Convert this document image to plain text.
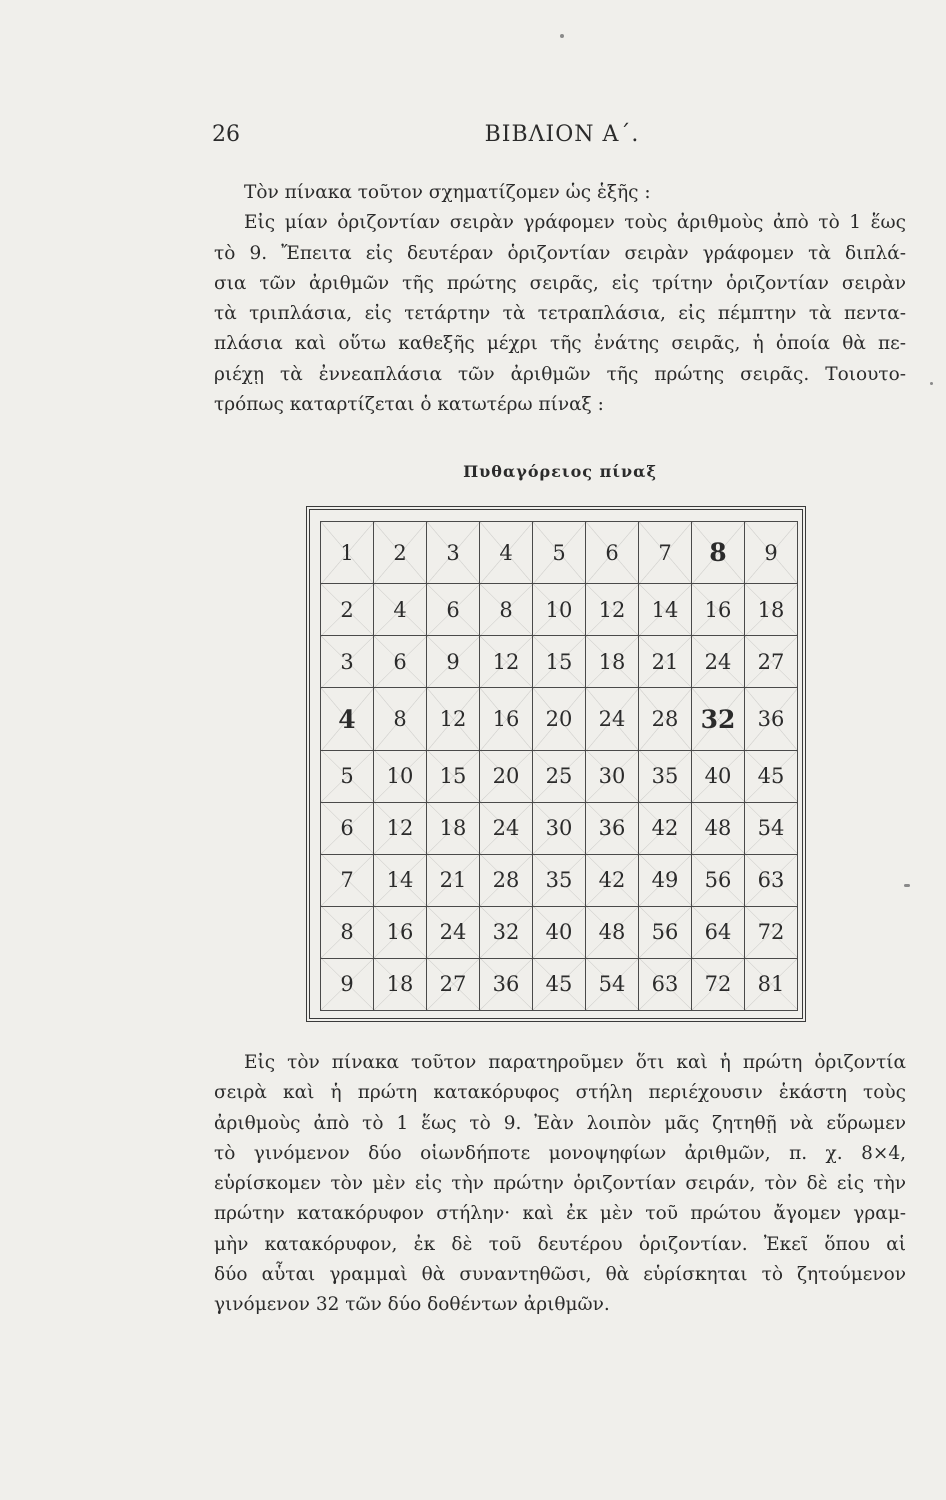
26	ΒΙΒΛΙΟΝ Α΄.

Τὸν πίνακα τοῦτον σχηματίζομεν ὡς ἑξῆς :
Εἰς μίαν ὁριζοντίαν σειρὰν γράφομεν τοὺς ἀριθμοὺς ἀπὸ τὸ 1 ἕως
τὸ 9. Ἔπειτα εἰς δευτέραν ὁριζοντίαν σειρὰν γράφομεν τὰ διπλά-
σια τῶν ἀριθμῶν τῆς πρώτης σειρᾶς, εἰς τρίτην ὁριζοντίαν σειρὰν
τὰ τριπλάσια, εἰς τετάρτην τὰ τετραπλάσια, εἰς πέμπτην τὰ πεντα-
πλάσια καὶ οὕτω καθεξῆς μέχρι τῆς ἐνάτης σειρᾶς, ἡ ὁποία θὰ πε-
ριέχῃ τὰ ἐννεαπλάσια τῶν ἀριθμῶν τῆς πρώτης σειρᾶς. Τοιουτο-
τρόπως καταρτίζεται ὁ κατωτέρω πίναξ :

Πυθαγόρειος πίναξ
1	2	3	4	5	6	7	8	9
2	4	6	8	10	12	14	16	18
3	6	9	12	15	18	21	24	27
4	8	12	16	20	24	28	32	36
5	10	15	20	25	30	35	40	45
6	12	18	24	30	36	42	48	54
7	14	21	28	35	42	49	56	63
8	16	24	32	40	48	56	64	72
9	18	27	36	45	54	63	72	81

Εἰς τὸν πίνακα τοῦτον παρατηροῦμεν ὅτι καὶ ἡ πρώτη ὁριζοντία
σειρὰ καὶ ἡ πρώτη κατακόρυφος στήλη περιέχουσιν ἑκάστη τοὺς
ἀριθμοὺς ἀπὸ τὸ 1 ἕως τὸ 9. Ἐὰν λοιπὸν μᾶς ζητηθῇ νὰ εὕρωμεν
τὸ γινόμενον δύο οἱωνδήποτε μονοψηφίων ἀριθμῶν, π. χ. 8×4,
εὑρίσκομεν τὸν μὲν εἰς τὴν πρώτην ὁριζοντίαν σειράν, τὸν δὲ εἰς τὴν
πρώτην κατακόρυφον στήλην· καὶ ἐκ μὲν τοῦ πρώτου ἄγομεν γραμ-
μὴν κατακόρυφον, ἐκ δὲ τοῦ δευτέρου ὁριζοντίαν. Ἐκεῖ ὅπου αἱ
δύο αὗται γραμμαὶ θὰ συναντηθῶσι, θὰ εὑρίσκηται τὸ ζητούμενον
γινόμενον 32 τῶν δύο δοθέντων ἀριθμῶν.
